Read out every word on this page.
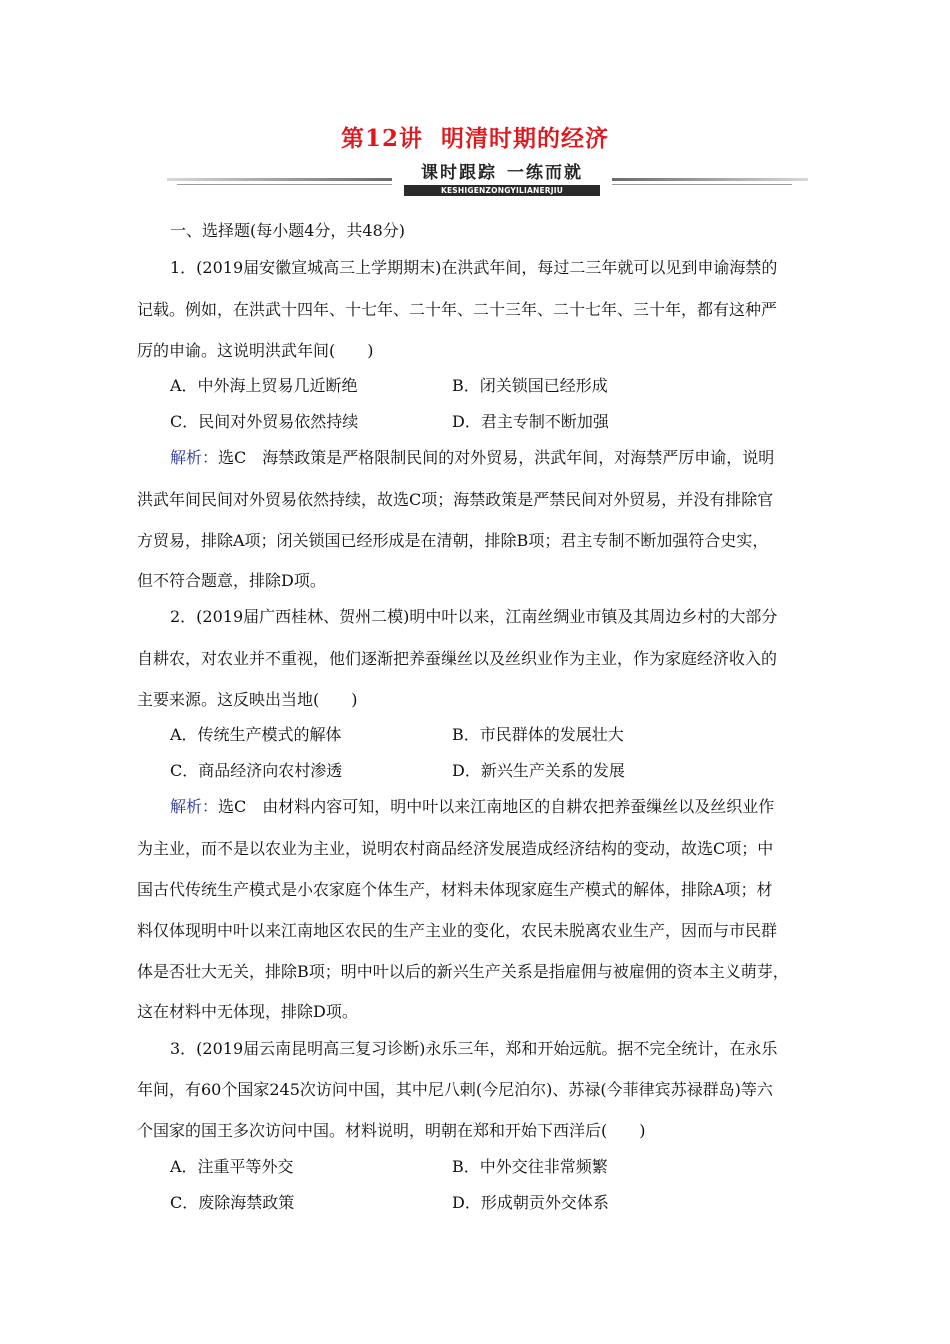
第12讲 明清时期的经济
课时跟踪 一练而就
KESHIGENZONGYILIANERJIU
一、选择题(每小题4分，共48分)
1．(2019届安徽宣城高三上学期期末)在洪武年间，每过二三年就可以见到申谕海禁的
记载。例如，在洪武十四年、十七年、二十年、二十三年、二十七年、三十年，都有这种严
厉的申谕。这说明洪武年间(　　)
A．中外海上贸易几近断绝	B．闭关锁国已经形成
C．民间对外贸易依然持续	D．君主专制不断加强
解析：选C　海禁政策是严格限制民间的对外贸易，洪武年间，对海禁严厉申谕，说明
洪武年间民间对外贸易依然持续，故选C项；海禁政策是严禁民间对外贸易，并没有排除官
方贸易，排除A项；闭关锁国已经形成是在清朝，排除B项；君主专制不断加强符合史实，
但不符合题意，排除D项。
2．(2019届广西桂林、贺州二模)明中叶以来，江南丝绸业市镇及其周边乡村的大部分
自耕农，对农业并不重视，他们逐渐把养蚕缫丝以及丝织业作为主业，作为家庭经济收入的
主要来源。这反映出当地(　　)
A．传统生产模式的解体	B．市民群体的发展壮大
C．商品经济向农村渗透	D．新兴生产关系的发展
解析：选C　由材料内容可知，明中叶以来江南地区的自耕农把养蚕缫丝以及丝织业作
为主业，而不是以农业为主业，说明农村商品经济发展造成经济结构的变动，故选C项；中
国古代传统生产模式是小农家庭个体生产，材料未体现家庭生产模式的解体，排除A项；材
料仅体现明中叶以来江南地区农民的生产主业的变化，农民未脱离农业生产，因而与市民群
体是否壮大无关，排除B项；明中叶以后的新兴生产关系是指雇佣与被雇佣的资本主义萌芽，
这在材料中无体现，排除D项。
3．(2019届云南昆明高三复习诊断)永乐三年，郑和开始远航。据不完全统计，在永乐
年间，有60个国家245次访问中国，其中尼八剌(今尼泊尔)、苏禄(今菲律宾苏禄群岛)等六
个国家的国王多次访问中国。材料说明，明朝在郑和开始下西洋后(　　)
A．注重平等外交	B．中外交往非常频繁
C．废除海禁政策	D．形成朝贡外交体系
